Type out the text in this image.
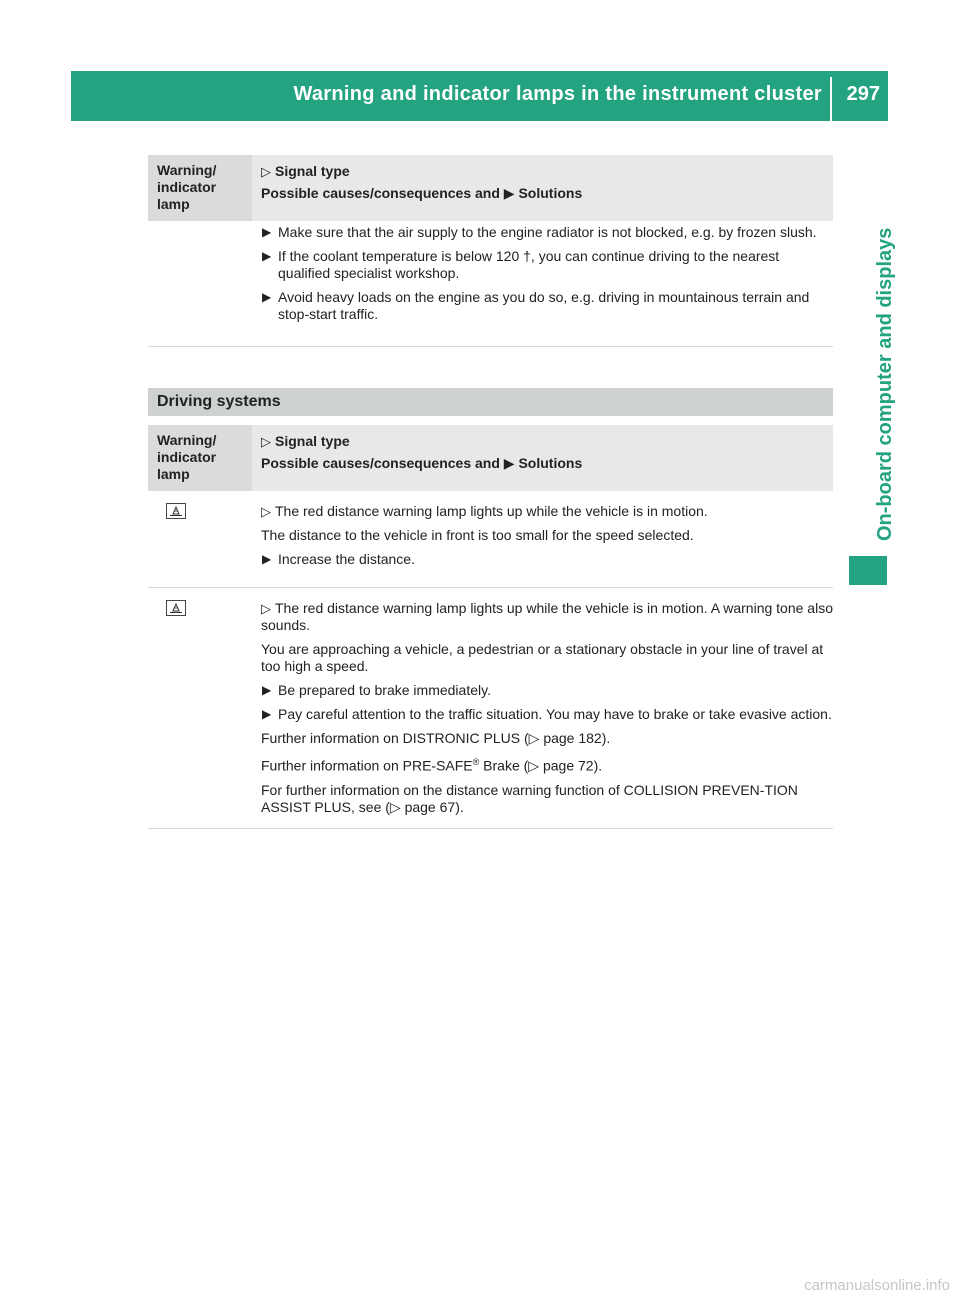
Warning and indicator lamps in the instrument cluster 297
On-board computer and displays
Warning/
indicator
lamp
▷ Signal type
Possible causes/consequences and ▶ Solutions
▶ Make sure that the air supply to the engine radiator is not blocked, e.g. by frozen slush.
▶ If the coolant temperature is below 120 †, you can continue driving to the nearest qualified specialist workshop.
▶ Avoid heavy loads on the engine as you do so, e.g. driving in mountainous terrain and stop-start traffic.
Driving systems
Warning/
indicator
lamp
▷ Signal type
Possible causes/consequences and ▶ Solutions
▷ The red distance warning lamp lights up while the vehicle is in motion.
The distance to the vehicle in front is too small for the speed selected.
▶ Increase the distance.
▷ The red distance warning lamp lights up while the vehicle is in motion. A warning tone also sounds.
You are approaching a vehicle, a pedestrian or a stationary obstacle in your line of travel at too high a speed.
▶ Be prepared to brake immediately.
▶ Pay careful attention to the traffic situation. You may have to brake or take evasive action.
Further information on DISTRONIC PLUS (▷ page 182).
Further information on PRE-SAFE® Brake (▷ page 72).
For further information on the distance warning function of COLLISION PREVEN-TION ASSIST PLUS, see (▷ page 67).
carmanualsonline.info
